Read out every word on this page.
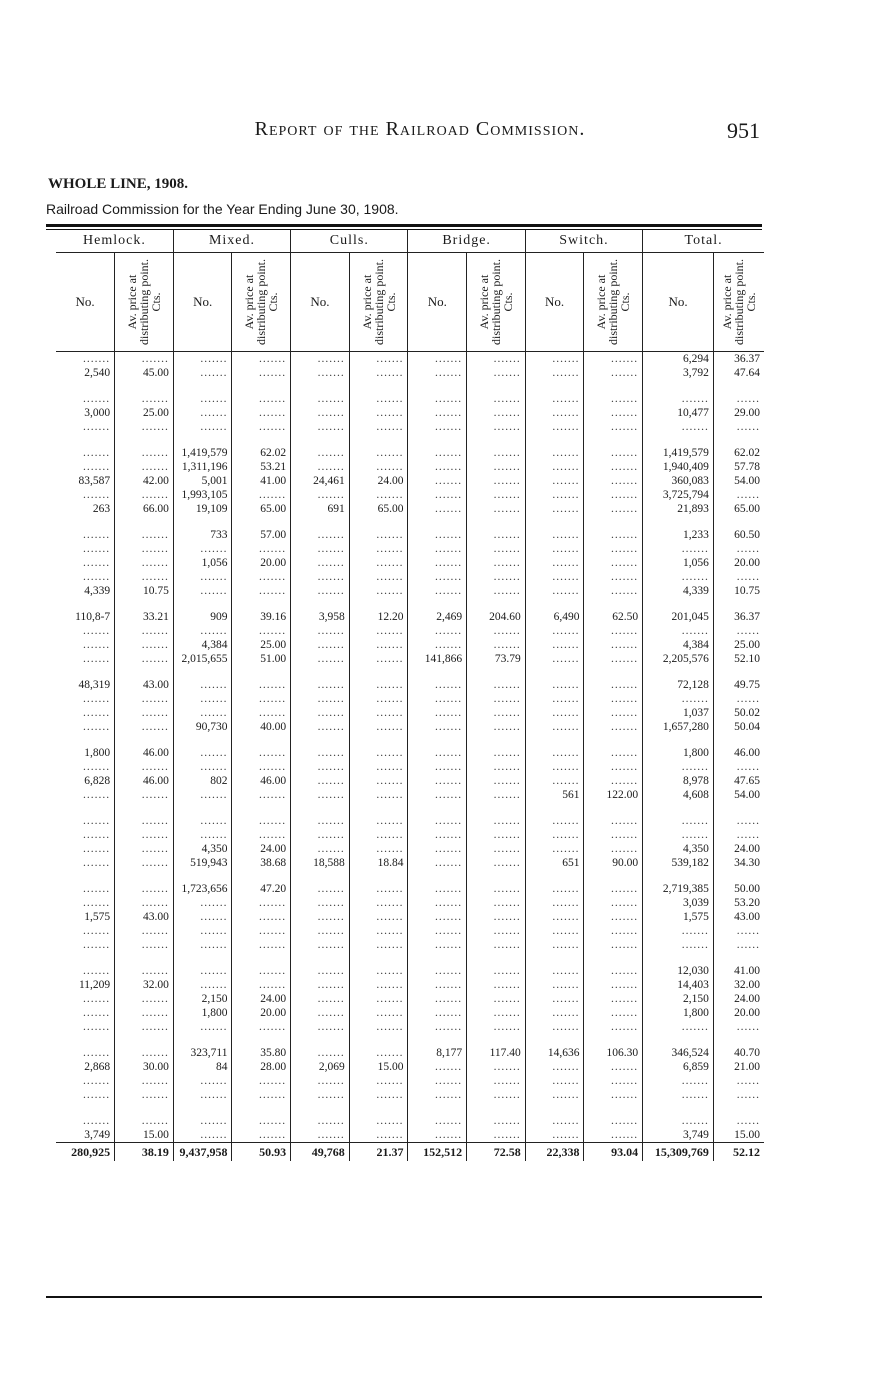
Report of the Railroad Commission.	951
WHOLE LINE, 1908.
Railroad Commission for the Year Ending June 30, 1908.
Hemlock.		Mixed.		Culls.		Bridge.		Switch.		Total.	
No.	Av. price at distributing point. Cts.	No.	Av. price at distributing point. Cts.	No.	Av. price at distributing point. Cts.	No.	Av. price at distributing point. Cts.	No.	Av. price at distributing point. Cts.	No.	Av. price at distributing point. Cts.

.......	.......	.......	.......	.......	.......	.......	.......	.......	.......	6,294	36.37
2,540	45.00	.......	.......	.......	.......	.......	.......	.......	.......	3,792	47.64

.......	.......	.......	.......	.......	.......	.......	.......	.......	.......	.......	......
3,000	25.00	.......	.......	.......	.......	.......	.......	.......	.......	10,477	29.00
.......	.......	.......	.......	.......	.......	.......	.......	.......	.......	.......	......

.......	.......	1,419,579	62.02	.......	.......	.......	.......	.......	.......	1,419,579	62.02
.......	.......	1,311,196	53.21	.......	.......	.......	.......	.......	.......	1,940,409	57.78
83,587	42.00	5,001	41.00	24,461	24.00	.......	.......	.......	.......	360,083	54.00
.......	.......	1,993,105	.......	.......	.......	.......	.......	.......	.......	3,725,794	......
263	66.00	19,109	65.00	691	65.00	.......	.......	.......	.......	21,893	65.00

.......	.......	733	57.00	.......	.......	.......	.......	.......	.......	1,233	60.50
.......	.......	.......	.......	.......	.......	.......	.......	.......	.......	.......	......
.......	.......	1,056	20.00	.......	.......	.......	.......	.......	.......	1,056	20.00
.......	.......	.......	.......	.......	.......	.......	.......	.......	.......	.......	......
4,339	10.75	.......	.......	.......	.......	.......	.......	.......	.......	4,339	10.75

110,8-7	33.21	909	39.16	3,958	12.20	2,469	204.60	6,490	62.50	201,045	36.37
.......	.......	.......	.......	.......	.......	.......	.......	.......	.......	.......	......
.......	.......	4,384	25.00	.......	.......	.......	.......	.......	.......	4,384	25.00
.......	.......	2,015,655	51.00	.......	.......	141,866	73.79	.......	.......	2,205,576	52.10

48,319	43.00	.......	.......	.......	.......	.......	.......	.......	.......	72,128	49.75
.......	.......	.......	.......	.......	.......	.......	.......	.......	.......	.......	......
.......	.......	.......	.......	.......	.......	.......	.......	.......	.......	1,037	50.02
.......	.......	90,730	40.00	.......	.......	.......	.......	.......	.......	1,657,280	50.04

1,800	46.00	.......	.......	.......	.......	.......	.......	.......	.......	1,800	46.00
.......	.......	.......	.......	.......	.......	.......	.......	.......	.......	.......	......
6,828	46.00	802	46.00	.......	.......	.......	.......	.......	.......	8,978	47.65
.......	.......	.......	.......	.......	.......	.......	.......	561	122.00	4,608	54.00

.......	.......	.......	.......	.......	.......	.......	.......	.......	.......	.......	......
.......	.......	.......	.......	.......	.......	.......	.......	.......	.......	.......	......
.......	.......	4,350	24.00	.......	.......	.......	.......	.......	.......	4,350	24.00
.......	.......	519,943	38.68	18,588	18.84	.......	.......	651	90.00	539,182	34.30

.......	.......	1,723,656	47.20	.......	.......	.......	.......	.......	.......	2,719,385	50.00
.......	.......	.......	.......	.......	.......	.......	.......	.......	.......	3,039	53.20
1,575	43.00	.......	.......	.......	.......	.......	.......	.......	.......	1,575	43.00
.......	.......	.......	.......	.......	.......	.......	.......	.......	.......	.......	......
.......	.......	.......	.......	.......	.......	.......	.......	.......	.......	.......	......

.......	.......	.......	.......	.......	.......	.......	.......	.......	.......	12,030	41.00
11,209	32.00	.......	.......	.......	.......	.......	.......	.......	.......	14,403	32.00
.......	.......	2,150	24.00	.......	.......	.......	.......	.......	.......	2,150	24.00
.......	.......	1,800	20.00	.......	.......	.......	.......	.......	.......	1,800	20.00
.......	.......	.......	.......	.......	.......	.......	.......	.......	.......	.......	......

.......	.......	323,711	35.80	.......	.......	8,177	117.40	14,636	106.30	346,524	40.70
2,868	30.00	84	28.00	2,069	15.00	.......	.......	.......	.......	6,859	21.00
.......	.......	.......	.......	.......	.......	.......	.......	.......	.......	.......	......
.......	.......	.......	.......	.......	.......	.......	.......	.......	.......	.......	......

.......	.......	.......	.......	.......	.......	.......	.......	.......	.......	.......	......
3,749	15.00	.......	.......	.......	.......	.......	.......	.......	.......	3,749	15.00
280,925	38.19	9,437,958	50.93	49,768	21.37	152,512	72.58	22,338	93.04	15,309,769	52.12
